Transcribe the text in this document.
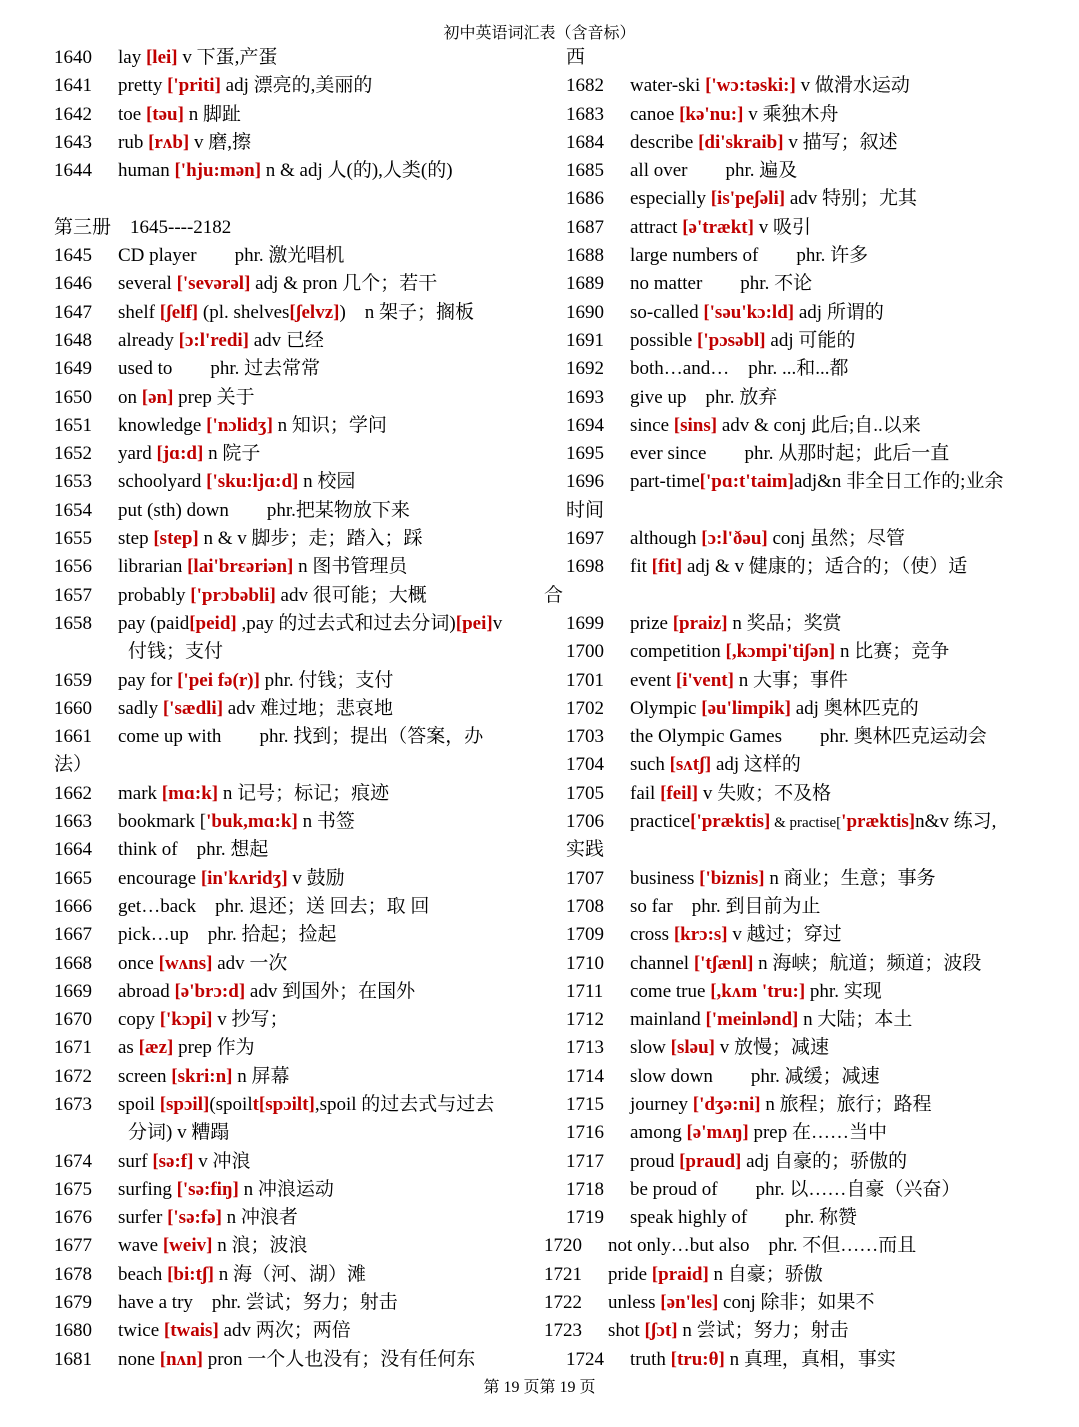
初中英语词汇表（含音标）
1640 lay [lei] v 下蛋,产蛋
1641 pretty ['priti] adj 漂亮的,美丽的
1642 toe [təu] n 脚趾
1643 rub [rʌb] v 磨,擦
1644 human ['hju:mən] n & adj 人(的),人类(的)
第三册　1645----2182
1645 CD player　　 phr. 激光唱机
1646 several ['sevərəl] adj & pron 几个；若干
1647 shelf [ʃelf] (pl. shelves[ʃelvz])　n 架子；搁板
1648 already [ɔ:l'redi] adv 已经
1649 used to　　 phr. 过去常常
1650 on [ən] prep 关于
1651 knowledge ['nɔlidʒ] n 知识；学问
1652 yard [jɑ:d] n 院子
1653 schoolyard ['sku:ljɑ:d] n 校园
1654 put (sth) down　　 phr.把某物放下来
1655 step [step] n & v 脚步；走；踏入；踩
1656 librarian [lai'brɛəriən] n 图书管理员
1657 probably ['prɔbəbli] adv 很可能；大概	合
1658 pay (paid[peid] ,pay 的过去式和过去分词)[pei]v
付钱；支付
1659 pay for ['pei fə(r)] phr. 付钱；支付
1660 sadly ['sædli] adv 难过地；悲哀地
1661 come up with　　 phr. 找到；提出（答案，办
法）
1662 mark [mɑ:k] n 记号；标记；痕迹
1663 bookmark ['buk,mɑ:k] n 书签
1664 think of　 phr. 想起
1665 encourage [in'kʌridʒ] v 鼓励
1666 get…back　 phr. 退还；送 回去；取 回
1667 pick…up　 phr. 拾起；捡起
1668 once [wʌns] adv 一次
1669 abroad [ə'brɔ:d] adv 到国外；在国外
1670 copy ['kɔpi] v 抄写；
1671 as [æz] prep 作为
1672 screen [skri:n] n 屏幕
1673 spoil [spɔil](spoilt[spɔilt],spoil 的过去式与过去
分词) v 糟蹋
1674 surf [sə:f] v 冲浪
1675 surfing ['sə:fiŋ] n 冲浪运动
1676 surfer ['sə:fə] n 冲浪者
1677 wave [weiv] n 浪；波浪
1678 beach [bi:tʃ] n 海（河、湖）滩
1679 have a try　 phr. 尝试；努力；射击
1680 twice [twais] adv 两次；两倍
1681 none [nʌn] pron 一个人也没有；没有任何东
西
1682 water-ski ['wɔ:təski:] v 做滑水运动
1683 canoe [kə'nu:] v 乘独木舟
1684 describe [di'skraib] v 描写；叙述
1685 all over　　 phr. 遍及
1686 especially [is'peʃəli] adv 特别；尤其
1687 attract [ə'trækt] v 吸引
1688 large numbers of　　 phr. 许多
1689 no matter　　 phr. 不论
1690 so-called ['səu'kɔ:ld] adj 所谓的
1691 possible ['pɔsəbl] adj 可能的
1692 both…and…　 phr. ...和...都
1693 give up　 phr. 放弃
1694 since [sins] adv & conj 此后;自..以来
1695 ever since　　 phr. 从那时起；此后一直
1696 part-time['pɑ:t'taim]adj&n 非全日工作的;业余
时间
1697 although [ɔ:l'ðəu] conj 虽然；尽管
1698 fit [fit] adj & v 健康的；适合的；（使）适
1699 prize [praiz] n 奖品；奖赏
1700 competition [,kɔmpi'tiʃən] n 比赛；竞争
1701 event [i'vent] n 大事；事件
1702 Olympic [əu'limpik] adj 奥林匹克的
1703 the Olympic Games　　 phr. 奥林匹克运动会
1704 such [sʌtʃ] adj 这样的
1705 fail [feil] v 失败；不及格
1706 practice['præktis] & practise['præktis]n&v 练习,
实践
1707 business ['biznis] n 商业；生意；事务
1708 so far　 phr. 到目前为止
1709 cross [krɔ:s] v 越过；穿过
1710 channel ['tʃænl] n 海峡；航道；频道；波段
1711 come true [,kʌm 'tru:] phr. 实现
1712 mainland ['meinlənd] n 大陆；本土
1713 slow [sləu] v 放慢；减速
1714 slow down　　 phr. 减缓；减速
1715 journey ['dʒə:ni] n 旅程；旅行；路程
1716 among [ə'mʌŋ] prep 在……当中
1717 proud [praud] adj 自豪的；骄傲的
1718 be proud of　　 phr. 以……自豪（兴奋）
1719 speak highly of　　 phr. 称赞
1720 not only…but also　 phr. 不但……而且
1721 pride [praid] n 自豪；骄傲
1722 unless [ən'les] conj 除非；如果不
1723 shot [ʃɔt] n 尝试；努力；射击
1724 truth [tru:θ] n 真理，真相，事实
第 19 页第 19 页
